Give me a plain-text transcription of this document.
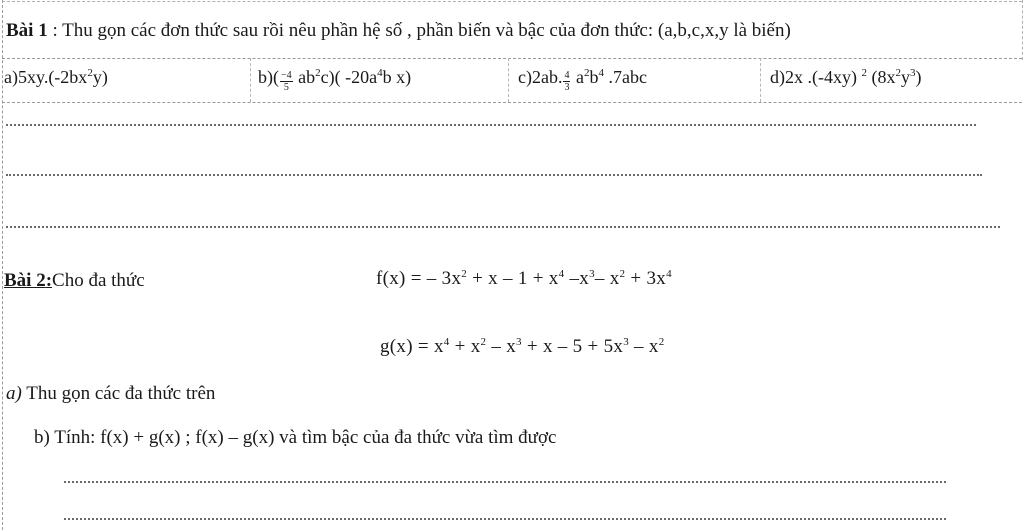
Bài 1 : Thu gọn các đơn thức sau rồi nêu phần hệ số , phần biến và bậc của đơn thức: (a,b,c,x,y là biến)
$a)5xy.(-2bx^2y)$	$b)( \frac{-4}{5} ab^2c)$( $-20a^4b$ x)	c)2ab. $\frac{4}{3} a^2b^4$ .7abc	d)2x .(-4xy) $^2$ $(8x^2y^3)$
Bài 2:Cho đa thức	f(x) = – $3x^2 + x - 1 + x^4$ $-x^3-$ $x^2 + 3x^4$
$g(x) = x^4 + x^2 - x^3 + x - 5 + 5x^3 - x^2$
a) Thu gọn các đa thức trên
b) Tính: f(x) + g(x) ; f(x) – g(x) và tìm bậc của đa thức vừa tìm được
